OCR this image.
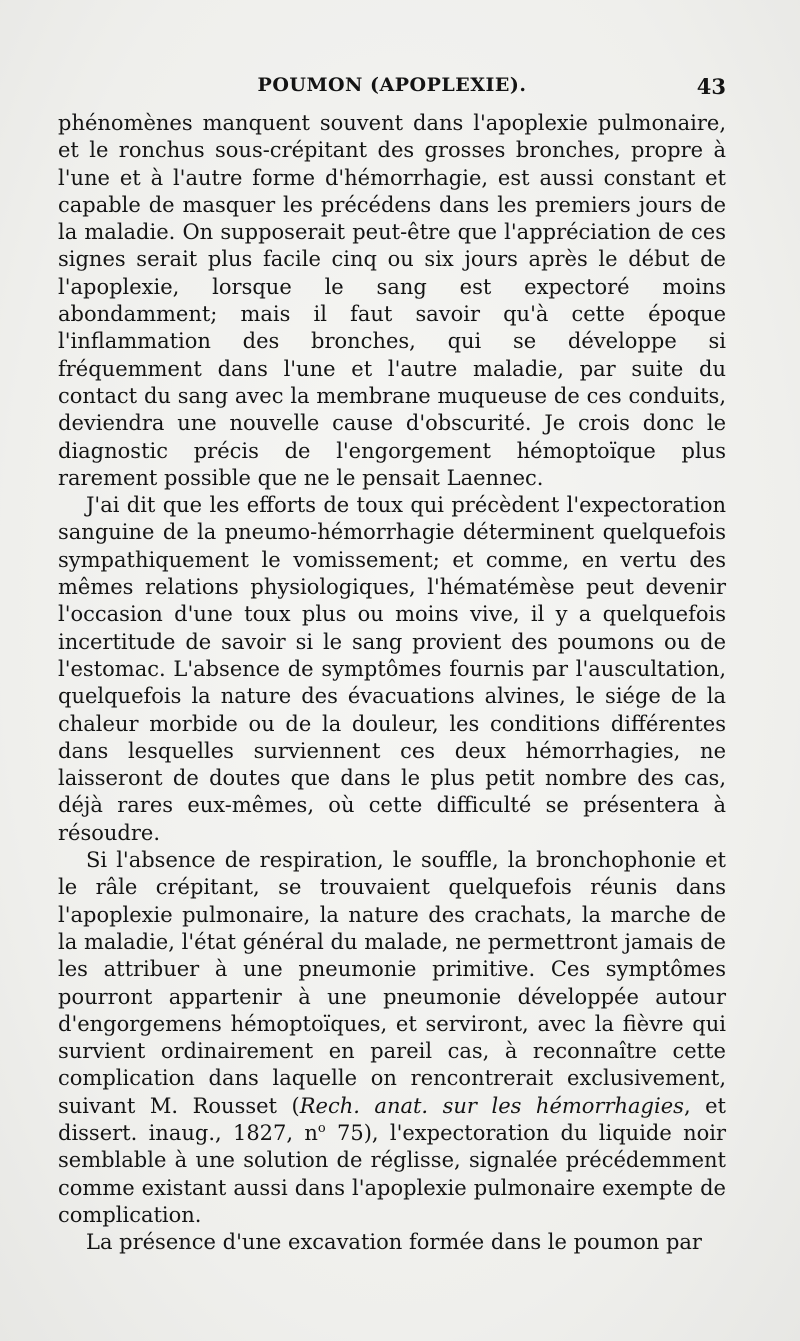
POUMON (APOPLEXIE).	43

phénomènes manquent souvent dans l'apoplexie pulmonaire, et le ronchus sous-crépitant des grosses bronches, propre à l'une et à l'autre forme d'hémorrhagie, est aussi constant et capable de masquer les précédens dans les premiers jours de la maladie. On supposerait peut-être que l'appréciation de ces signes serait plus facile cinq ou six jours après le début de l'apoplexie, lorsque le sang est expectoré moins abondamment; mais il faut savoir qu'à cette époque l'inflammation des bronches, qui se développe si fréquemment dans l'une et l'autre maladie, par suite du contact du sang avec la membrane muqueuse de ces conduits, deviendra une nouvelle cause d'obscurité. Je crois donc le diagnostic précis de l'engorgement hémoptoïque plus rarement possible que ne le pensait Laennec.

J'ai dit que les efforts de toux qui précèdent l'expectoration sanguine de la pneumo-hémorrhagie déterminent quelquefois sympathiquement le vomissement; et comme, en vertu des mêmes relations physiologiques, l'hématémèse peut devenir l'occasion d'une toux plus ou moins vive, il y a quelquefois incertitude de savoir si le sang provient des poumons ou de l'estomac. L'absence de symptômes fournis par l'auscultation, quelquefois la nature des évacuations alvines, le siége de la chaleur morbide ou de la douleur, les conditions différentes dans lesquelles surviennent ces deux hémorrhagies, ne laisseront de doutes que dans le plus petit nombre des cas, déjà rares eux-mêmes, où cette difficulté se présentera à résoudre.

Si l'absence de respiration, le souffle, la bronchophonie et le râle crépitant, se trouvaient quelquefois réunis dans l'apoplexie pulmonaire, la nature des crachats, la marche de la maladie, l'état général du malade, ne permettront jamais de les attribuer à une pneumonie primitive. Ces symptômes pourront appartenir à une pneumonie développée autour d'engorgemens hémoptoïques, et serviront, avec la fièvre qui survient ordinairement en pareil cas, à reconnaître cette complication dans laquelle on rencontrerait exclusivement, suivant M. Rousset (Rech. anat. sur les hémorrhagies, et dissert. inaug., 1827, $n^o$ 75), l'expectoration du liquide noir semblable à une solution de réglisse, signalée précédemment comme existant aussi dans l'apoplexie pulmonaire exempte de complication.

La présence d'une excavation formée dans le poumon par
